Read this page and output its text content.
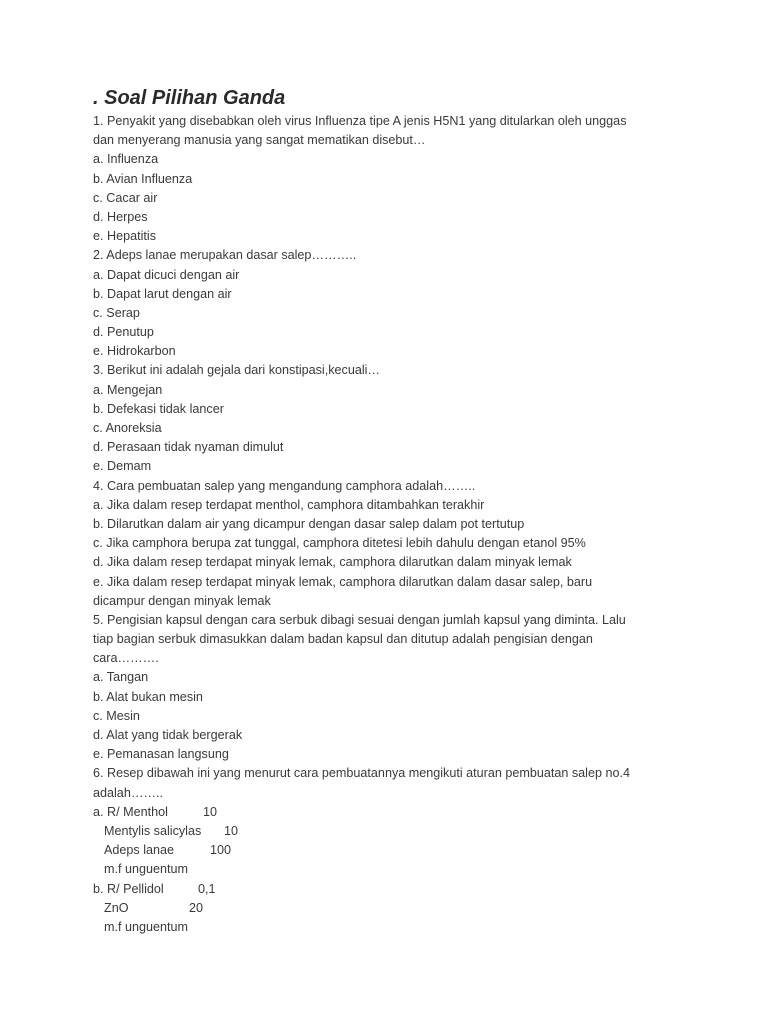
. Soal Pilihan Ganda
1. Penyakit yang disebabkan oleh virus Influenza tipe A jenis H5N1 yang ditularkan oleh unggas
dan menyerang manusia yang sangat mematikan disebut…
a. Influenza
b. Avian Influenza
c. Cacar air
d. Herpes
e. Hepatitis
2. Adeps lanae merupakan dasar salep………..
a. Dapat dicuci dengan air
b. Dapat larut dengan air
c. Serap
d. Penutup
e. Hidrokarbon
3. Berikut ini adalah gejala dari konstipasi,kecuali…
a. Mengejan
b. Defekasi tidak lancer
c. Anoreksia
d. Perasaan tidak nyaman dimulut
e. Demam
4. Cara pembuatan salep yang mengandung camphora adalah……..
a. Jika dalam resep terdapat menthol, camphora ditambahkan terakhir
b. Dilarutkan dalam air yang dicampur dengan dasar salep dalam pot tertutup
c. Jika camphora berupa zat tunggal, camphora ditetesi lebih dahulu dengan etanol 95%
d. Jika dalam resep terdapat minyak lemak, camphora dilarutkan dalam minyak lemak
e. Jika dalam resep terdapat minyak lemak, camphora dilarutkan dalam dasar salep, baru
dicampur dengan minyak lemak
5. Pengisian kapsul dengan cara serbuk dibagi sesuai dengan jumlah kapsul yang diminta. Lalu
tiap bagian serbuk dimasukkan dalam badan kapsul dan ditutup adalah pengisian dengan
cara……….
a. Tangan
b. Alat bukan mesin
c. Mesin
d. Alat yang tidak bergerak
e. Pemanasan langsung
6. Resep dibawah ini yang menurut cara pembuatannya mengikuti aturan pembuatan salep no.4
adalah……..
a. R/ Menthol	10
Mentylis salicylas 10
Adeps lanae	100
m.f unguentum
b. R/ Pellidol	0,1
ZnO	20
m.f unguentum
